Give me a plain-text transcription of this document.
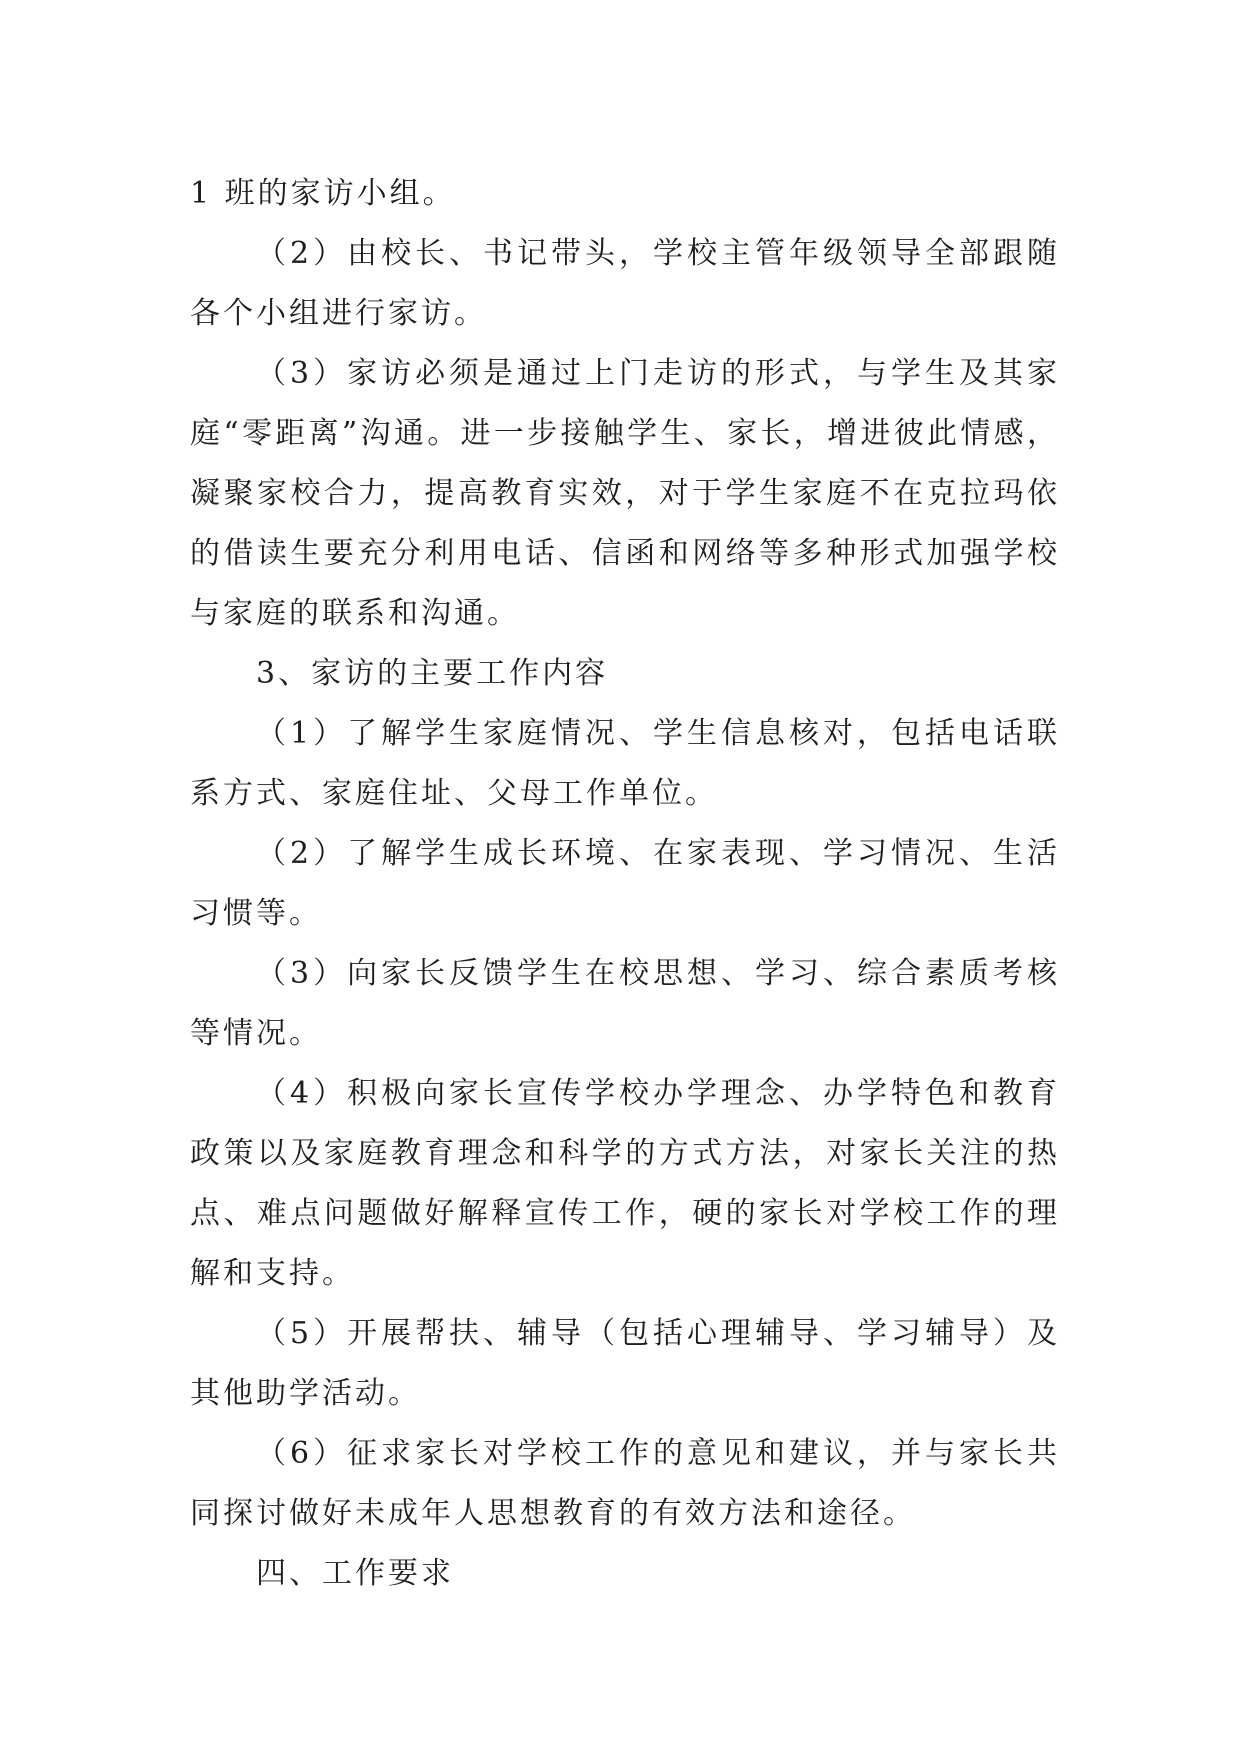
1 班的家访小组。

（2）由校长、书记带头，学校主管年级领导全部跟随各个小组进行家访。

（3）家访必须是通过上门走访的形式，与学生及其家庭“零距离”沟通。进一步接触学生、家长，增进彼此情感，凝聚家校合力，提高教育实效，对于学生家庭不在克拉玛依的借读生要充分利用电话、信函和网络等多种形式加强学校与家庭的联系和沟通。

3、家访的主要工作内容

（1）了解学生家庭情况、学生信息核对，包括电话联系方式、家庭住址、父母工作单位。

（2）了解学生成长环境、在家表现、学习情况、生活习惯等。

（3）向家长反馈学生在校思想、学习、综合素质考核等情况。

（4）积极向家长宣传学校办学理念、办学特色和教育政策以及家庭教育理念和科学的方式方法，对家长关注的热点、难点问题做好解释宣传工作，硬的家长对学校工作的理解和支持。

（5）开展帮扶、辅导（包括心理辅导、学习辅导）及其他助学活动。

（6）征求家长对学校工作的意见和建议，并与家长共同探讨做好未成年人思想教育的有效方法和途径。

四、工作要求
